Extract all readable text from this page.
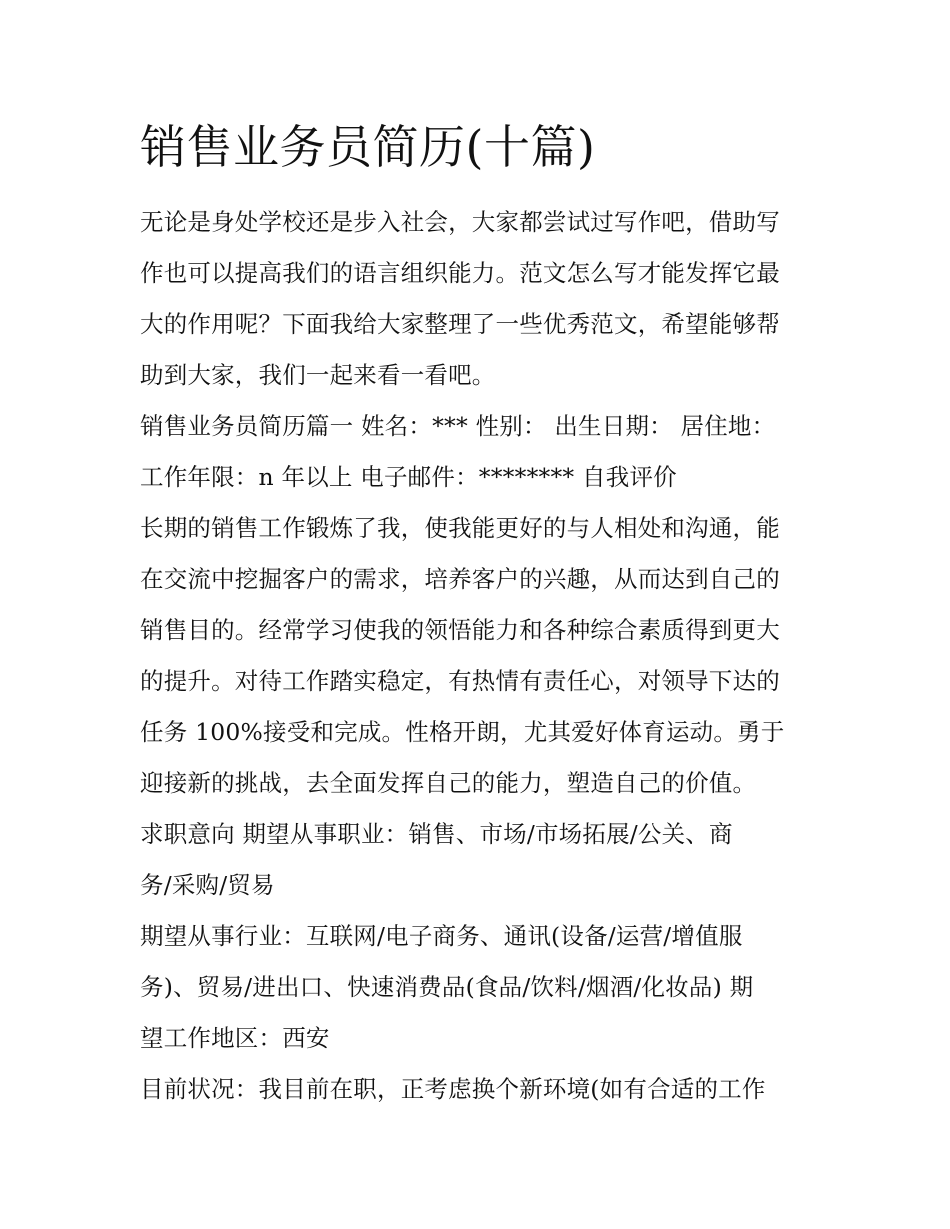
销售业务员简历(十篇)
无论是身处学校还是步入社会，大家都尝试过写作吧，借助写
作也可以提高我们的语言组织能力。范文怎么写才能发挥它最
大的作用呢？下面我给大家整理了一些优秀范文，希望能够帮
助到大家，我们一起来看一看吧。
销售业务员简历篇一 姓名：*** 性别： 出生日期： 居住地：
工作年限：n 年以上 电子邮件：******** 自我评价
长期的销售工作锻炼了我，使我能更好的与人相处和沟通，能
在交流中挖掘客户的需求，培养客户的兴趣，从而达到自己的
销售目的。经常学习使我的领悟能力和各种综合素质得到更大
的提升。对待工作踏实稳定，有热情有责任心，对领导下达的
任务 100%接受和完成。性格开朗，尤其爱好体育运动。勇于
迎接新的挑战，去全面发挥自己的能力，塑造自己的价值。
求职意向 期望从事职业：销售、市场/市场拓展/公关、商
务/采购/贸易
期望从事行业：互联网/电子商务、通讯(设备/运营/增值服
务)、贸易/进出口、快速消费品(食品/饮料/烟酒/化妆品) 期
望工作地区：西安
目前状况：我目前在职，正考虑换个新环境(如有合适的工作
